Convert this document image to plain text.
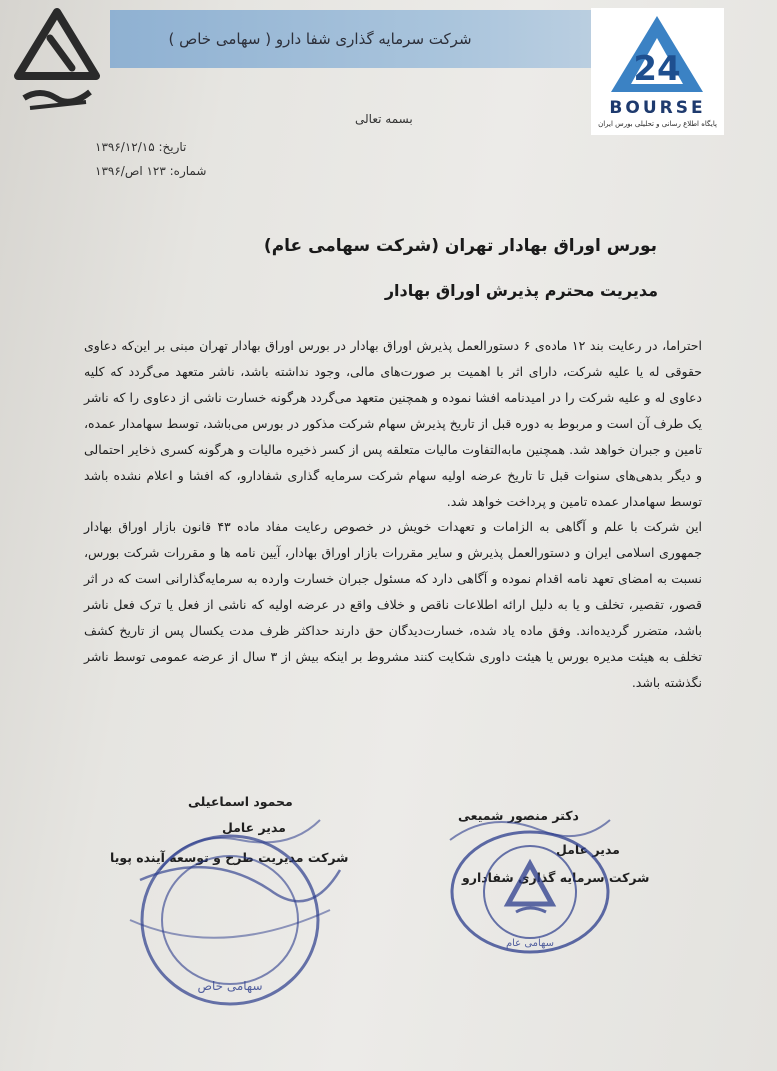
شرکت سرمایه گذاری شفا دارو ( سهامی خاص )
24
BOURSE
پایگاه اطلاع رسانی و تحلیلی بورس ایران
بسمه تعالی
تاریخ: ۱۳۹۶/۱۲/۱۵
شماره: ۱۲۳ اص/۱۳۹۶
بورس اوراق بهادار تهران (شرکت سهامی عام)
مدیریت محترم پذیرش اوراق بهادار
احتراما، در رعایت بند ۱۲ ماده‌ی ۶ دستورالعمل پذیرش اوراق بهادار در بورس اوراق بهادار تهران مبنی بر این‌که دعاوی حقوقی له یا علیه شرکت، دارای اثر با اهمیت بر صورت‌های مالی، وجود نداشته باشد، ناشر متعهد می‌گردد که کلیه دعاوی له و علیه شرکت را در امیدنامه افشا نموده و همچنین متعهد می‌گردد هرگونه خسارت ناشی از دعاوی را که ناشر یک طرف آن است و مربوط به دوره قبل از تاریخ پذیرش سهام شرکت مذکور در بورس می‌باشد، توسط سهامدار عمده، تامین و جبران خواهد شد. همچنین مابه‌التفاوت مالیات متعلقه پس از کسر ذخیره مالیات و هرگونه کسری ذخایر احتمالی و دیگر بدهی‌های سنوات قبل تا تاریخ عرضه اولیه سهام شرکت سرمایه گذاری شفادارو، که افشا و اعلام نشده باشد توسط سهامدار عمده تامین و پرداخت خواهد شد.
این شرکت با علم و آگاهی به الزامات و تعهدات خویش در خصوص رعایت مفاد ماده ۴۳ قانون بازار اوراق بهادار جمهوری اسلامی ایران و دستورالعمل پذیرش و سایر مقررات بازار اوراق بهادار، آیین نامه ها و مقررات شرکت بورس، نسبت به امضای تعهد نامه اقدام نموده و آگاهی دارد که مسئول جبران خسارت وارده به سرمایه‌گذارانی است که در اثر قصور، تقصیر، تخلف و یا به دلیل ارائه اطلاعات ناقص و خلاف واقع در عرضه اولیه که ناشی از فعل یا ترک فعل ناشر باشد، متضرر گردیده‌اند. وفق ماده یاد شده، خسارت‌دیدگان حق دارند حداکثر ظرف مدت یکسال پس از تاریخ کشف تخلف به هیئت مدیره بورس یا هیئت داوری شکایت کنند مشروط بر اینکه بیش از ۳ سال از عرضه عمومی توسط ناشر نگذشته باشد.
دکتر منصور شمیعی
مدیر عامل
شرکت سرمایه گذاری شفادارو
محمود اسماعیلی
مدیر عامل
شرکت مدیریت طرح و توسعه آینده پویا
سهامی عام
سهامی خاص
